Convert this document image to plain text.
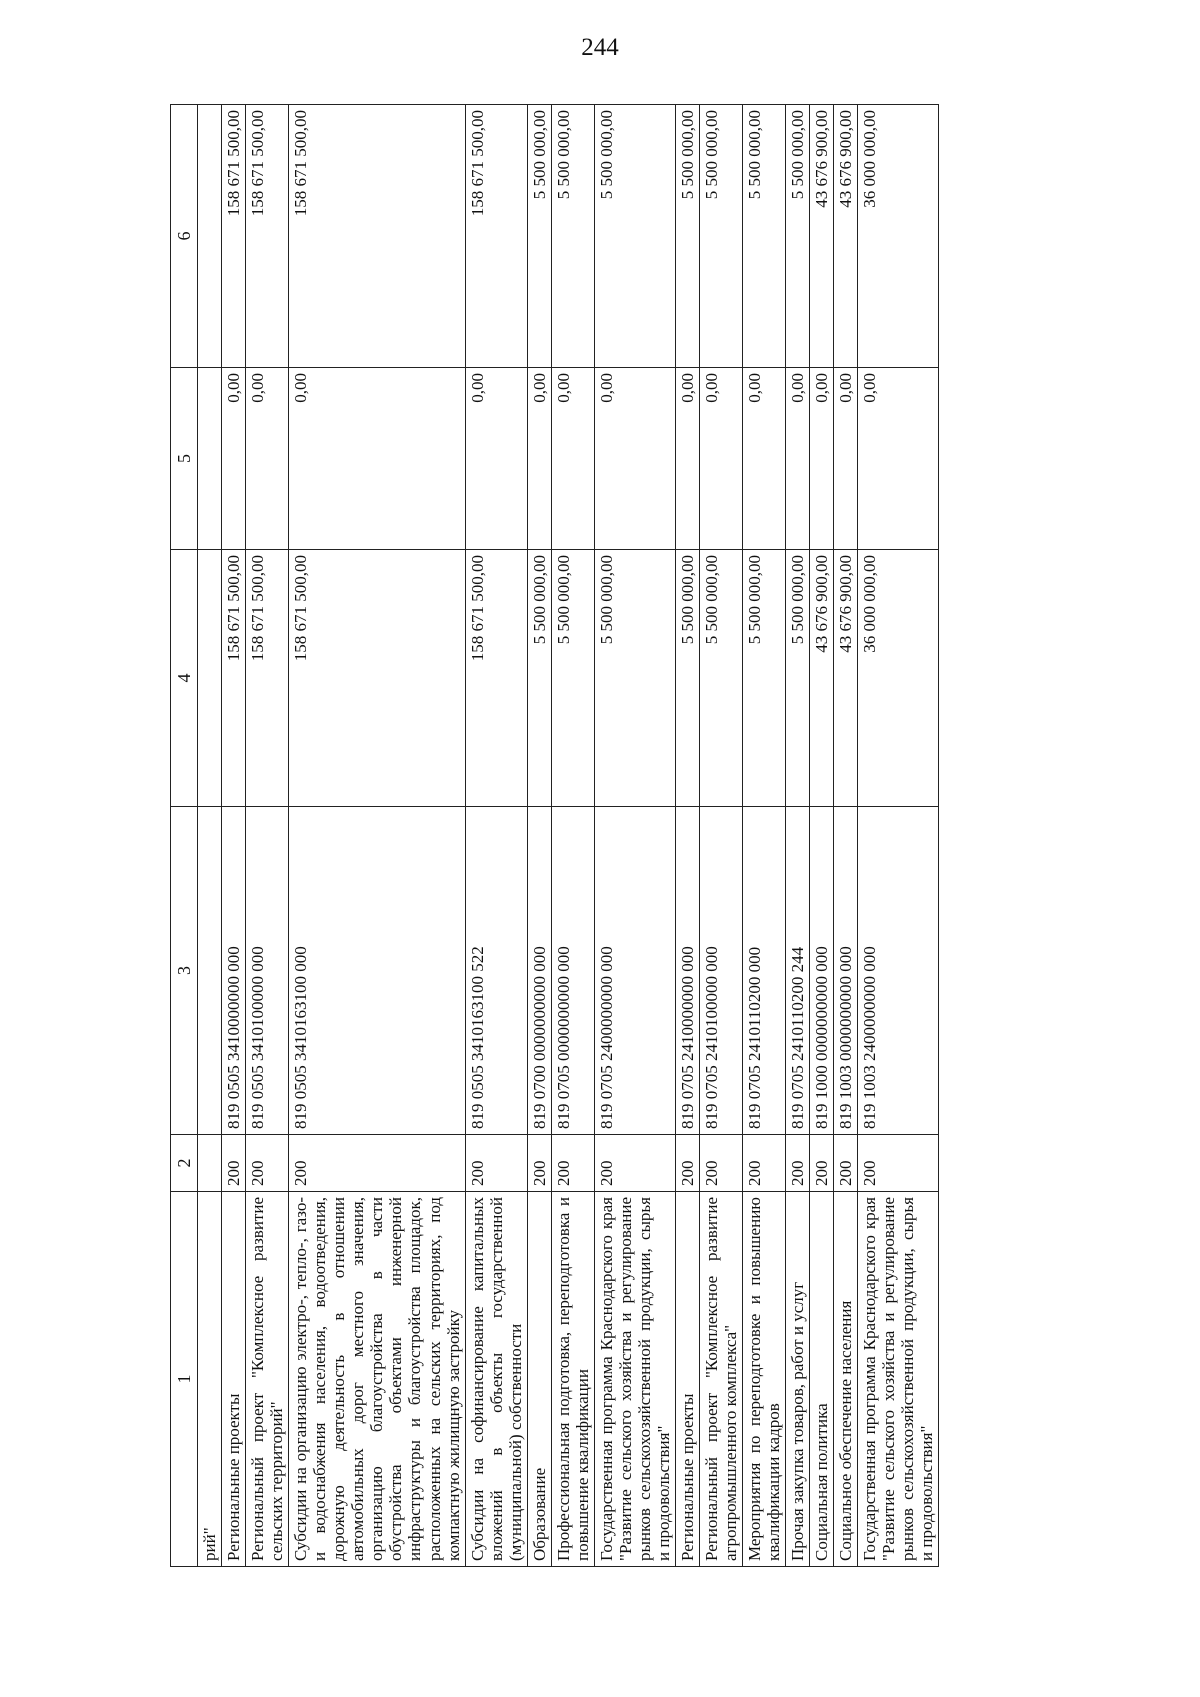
244
1	2	3	4	5	6
рий"					
Региональные проекты	200	819 0505 3410000000 000	158 671 500,00	0,00	158 671 500,00
Региональный проект "Комплексное развитие сельских территорий"	200	819 0505 3410100000 000	158 671 500,00	0,00	158 671 500,00
Субсидии на организацию электро-, тепло-, газо- и водоснабжения населения, водоотведения, дорожную деятельность в отношении автомобильных дорог местного значения, организацию благоустройства в части обустройства объектами инженерной инфраструктуры и благоустройства площадок, расположенных на сельских территориях, под компактную жилищную застройку	200	819 0505 3410163100 000	158 671 500,00	0,00	158 671 500,00
Субсидии на софинансирование капитальных вложений в объекты государственной (муниципальной) собственности	200	819 0505 3410163100 522	158 671 500,00	0,00	158 671 500,00
Образование	200	819 0700 0000000000 000	5 500 000,00	0,00	5 500 000,00
Профессиональная подготовка, переподготовка и повышение квалификации	200	819 0705 0000000000 000	5 500 000,00	0,00	5 500 000,00
Государственная программа Краснодарского края "Развитие сельского хозяйства и регулирование рынков сельскохозяйственной продукции, сырья и продовольствия"	200	819 0705 2400000000 000	5 500 000,00	0,00	5 500 000,00
Региональные проекты	200	819 0705 2410000000 000	5 500 000,00	0,00	5 500 000,00
Региональный проект "Комплексное развитие агропромышленного комплекса"	200	819 0705 2410100000 000	5 500 000,00	0,00	5 500 000,00
Мероприятия по переподготовке и повышению квалификации кадров	200	819 0705 2410110200 000	5 500 000,00	0,00	5 500 000,00
Прочая закупка товаров, работ и услуг	200	819 0705 2410110200 244	5 500 000,00	0,00	5 500 000,00
Социальная политика	200	819 1000 0000000000 000	43 676 900,00	0,00	43 676 900,00
Социальное обеспечение населения	200	819 1003 0000000000 000	43 676 900,00	0,00	43 676 900,00
Государственная программа Краснодарского края "Развитие сельского хозяйства и регулирование рынков сельскохозяйственной продукции, сырья и продовольствия"	200	819 1003 2400000000 000	36 000 000,00	0,00	36 000 000,00
